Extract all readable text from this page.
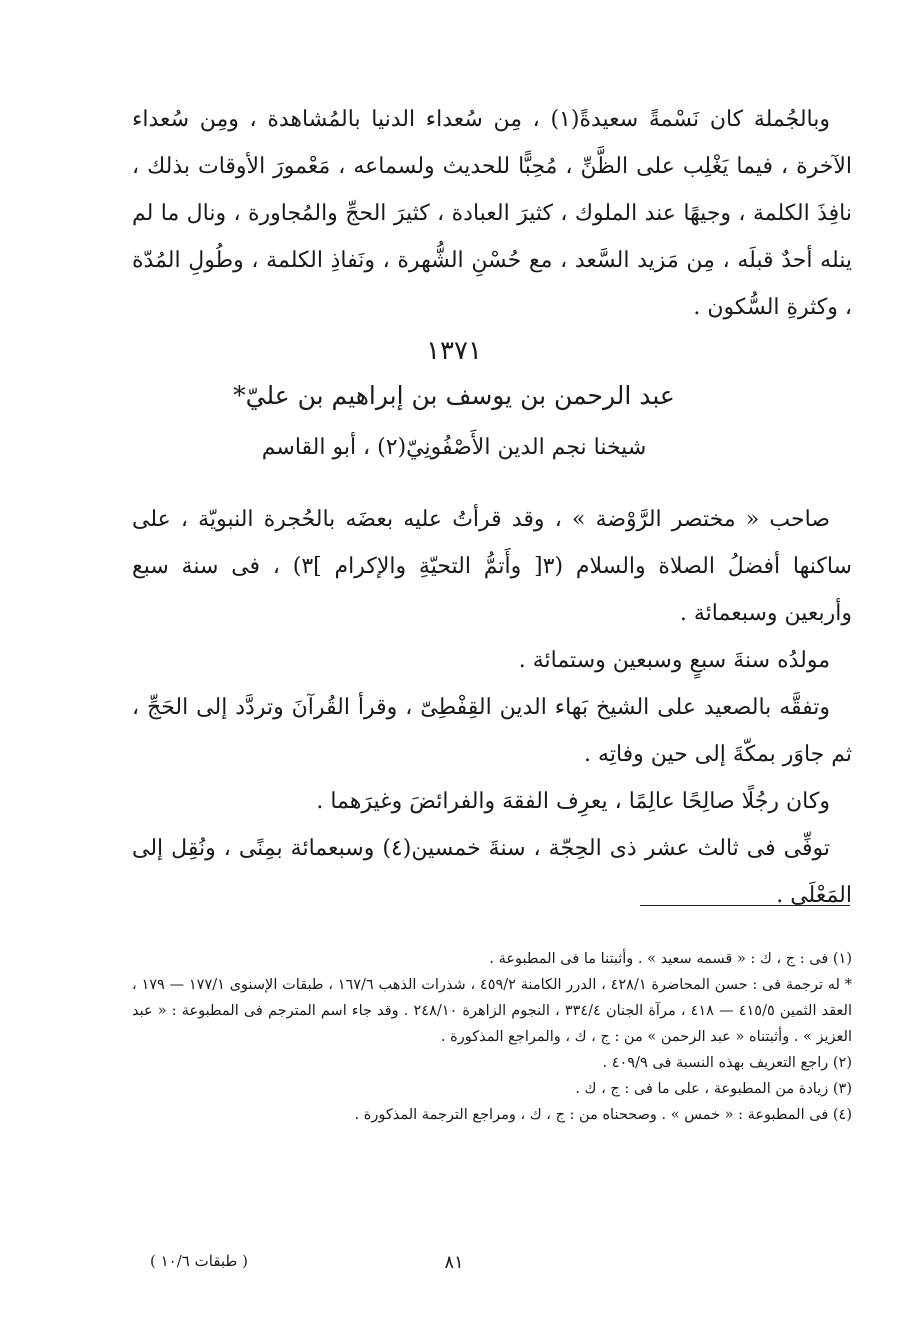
وبالجُملة كان نَسْمةً سعيدةً(١) ، مِن سُعداء الدنيا بالمُشاهدة ، ومِن سُعداء الآخرة ، فيما يَغْلِب على الظَّنِّ ، مُحِبًّا للحديث ولسماعه ، مَعْمورَ الأوقات بذلك ، نافِذَ الكلمة ، وجيهًا عند الملوك ، كثيرَ العبادة ، كثيرَ الحجِّ والمُجاورة ، ونال ما لم ينله أحدٌ قبلَه ، مِن مَزيد السَّعد ، مع حُسْنِ الشُّهرة ، ونَفاذِ الكلمة ، وطُولِ المُدّة ، وكثرةِ السُّكون .

١٣٧١
عبد الرحمن بن يوسف بن إبراهيم بن عليّ*
شيخنا نجم الدين الأَصْفُونِيّ(٢) ، أبو القاسم

صاحب « مختصر الرَّوْضة » ، وقد قرأتُ عليه بعضَه بالحُجرة النبويّة ، على ساكنها أفضلُ الصلاة والسلام (٣[ وأَتمُّ التحيّةِ والإكرام ]٣) ، فى سنة سبع وأربعين وسبعمائة .

مولدُه سنةَ سبعٍ وسبعين وستمائة .

وتفقَّه بالصعيد على الشيخ بَهاء الدين القِفْطِىّ ، وقرأ القُرآنَ وتردَّد إلى الحَجِّ ، ثم جاوَر بمكّةَ إلى حين وفاتِه .

وكان رجُلًا صالِحًا عالِمًا ، يعرِف الفقهَ والفرائضَ وغيرَهما .

توفِّى فى ثالث عشر ذى الحِجّة ، سنةَ خمسين(٤) وسبعمائة بمِنًى ، ونُقِل إلى المَعْلَى .

(١) فى : ج ، ك : « قسمه سعيد » . وأثبتنا ما فى المطبوعة .

* له ترجمة فى : حسن المحاضرة ٤٢٨/١ ، الدرر الكامنة ٤٥٩/٢ ، شذرات الذهب ١٦٧/٦ ، طبقات الإسنوى ١٧٧/١ — ١٧٩ ، العقد الثمين ٤١٥/٥ — ٤١٨ ، مرآة الجنان ٣٣٤/٤ ، النجوم الزاهرة ٢٤٨/١٠ . وقد جاء اسم المترجم فى المطبوعة : « عبد العزيز » . وأثبتناه « عبد الرحمن » من : ج ، ك ، والمراجع المذكورة .

(٢) راجع التعريف بهذه النسبة فى ٤٠٩/٩ .

(٣) زيادة من المطبوعة ، على ما فى : ج ، ك .

(٤) فى المطبوعة : « خمس » . وصححناه من : ج ، ك ، ومراجع الترجمة المذكورة .

٨١
( طبقات ١٠/٦ )
